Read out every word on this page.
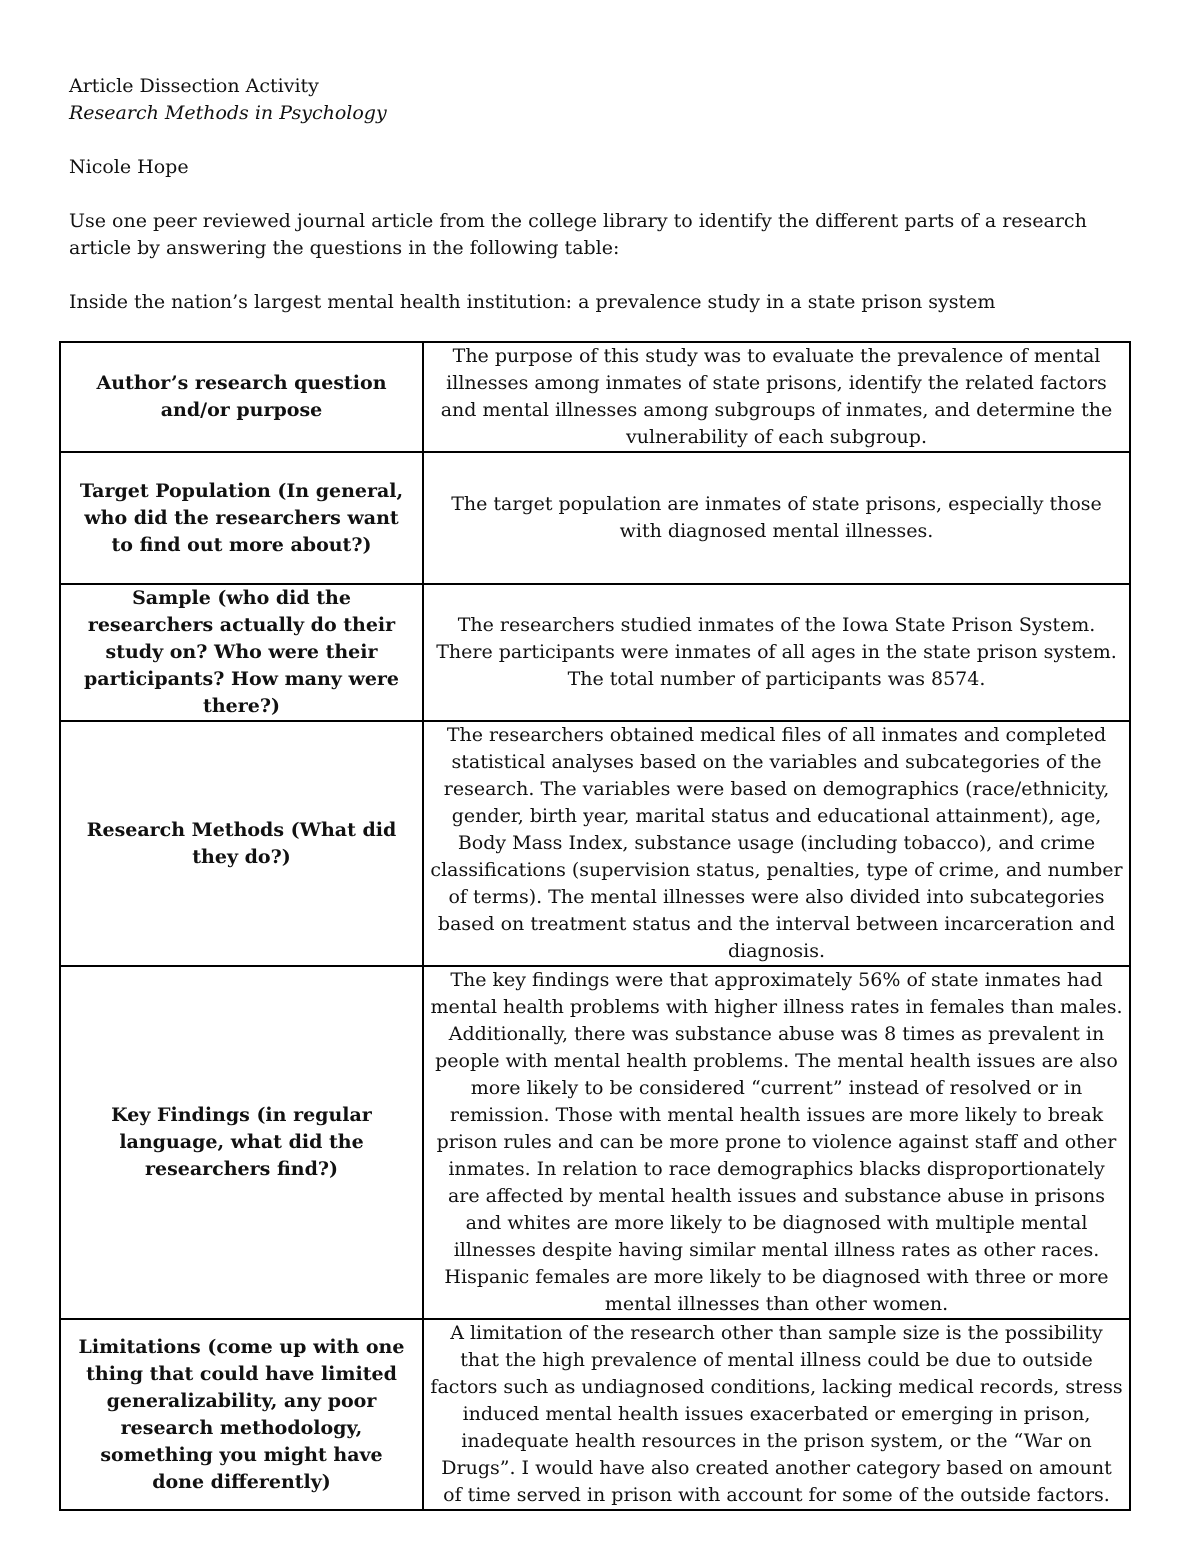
Article Dissection Activity

Research Methods in Psychology

Nicole Hope

Use one peer reviewed journal article from the college library to identify the different parts of a research article by answering the questions in the following table:

Inside the nation’s largest mental health institution: a prevalence study in a state prison system

Author’s research question and/or purpose	The purpose of this study was to evaluate the prevalence of mental illnesses among inmates of state prisons, identify the related factors and mental illnesses among subgroups of inmates, and determine the vulnerability of each subgroup.
Target Population (In general, who did the researchers want to find out more about?)	The target population are inmates of state prisons, especially those with diagnosed mental illnesses.
Sample (who did the researchers actually do their study on? Who were their participants? How many were there?)	The researchers studied inmates of the Iowa State Prison System. There participants were inmates of all ages in the state prison system. The total number of participants was 8574.
Research Methods (What did they do?)	The researchers obtained medical files of all inmates and completed statistical analyses based on the variables and subcategories of the research. The variables were based on demographics (race/ethnicity, gender, birth year, marital status and educational attainment), age, Body Mass Index, substance usage (including tobacco), and crime classifications (supervision status, penalties, type of crime, and number of terms). The mental illnesses were also divided into subcategories based on treatment status and the interval between incarceration and diagnosis.
Key Findings (in regular language, what did the researchers find?)	The key findings were that approximately 56% of state inmates had mental health problems with higher illness rates in females than males. Additionally, there was substance abuse was 8 times as prevalent in people with mental health problems. The mental health issues are also more likely to be considered “current” instead of resolved or in remission. Those with mental health issues are more likely to break prison rules and can be more prone to violence against staff and other inmates. In relation to race demographics blacks disproportionately are affected by mental health issues and substance abuse in prisons and whites are more likely to be diagnosed with multiple mental illnesses despite having similar mental illness rates as other races. Hispanic females are more likely to be diagnosed with three or more mental illnesses than other women.
Limitations (come up with one thing that could have limited generalizability, any poor research methodology, something you might have done differently)	A limitation of the research other than sample size is the possibility that the high prevalence of mental illness could be due to outside factors such as undiagnosed conditions, lacking medical records, stress induced mental health issues exacerbated or emerging in prison, inadequate health resources in the prison system, or the “War on Drugs”. I would have also created another category based on amount of time served in prison with account for some of the outside factors.
